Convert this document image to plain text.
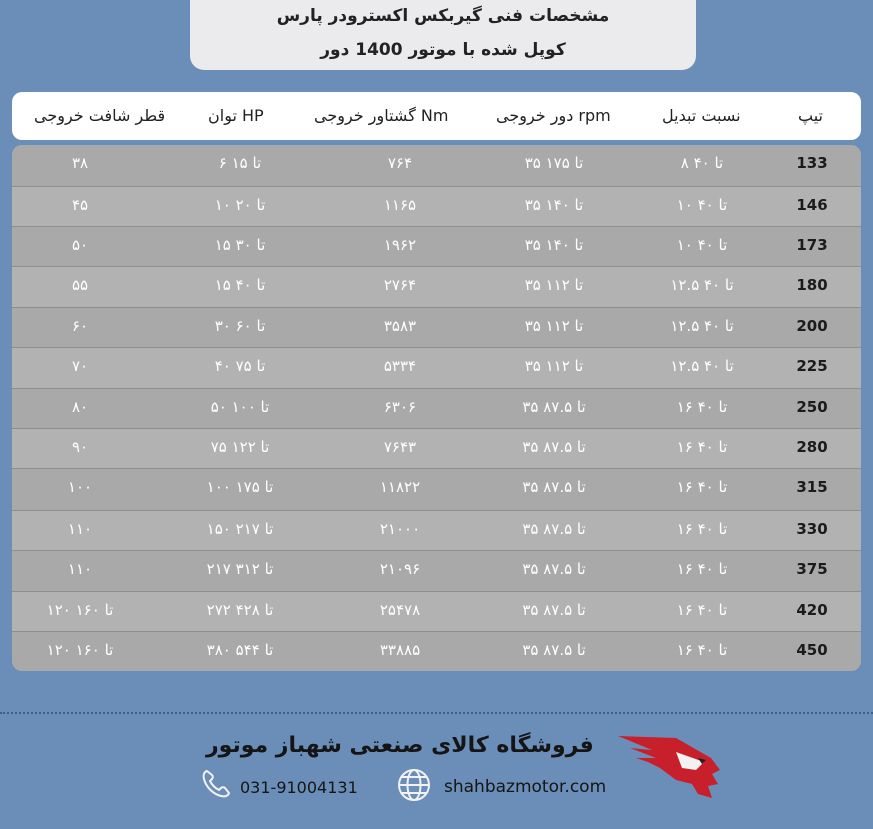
مشخصات فنی گیربکس اکسترودر پارس
کوپل شده با موتور 1400 دور
تیپ
نسبت تبدیل
دور خروجی rpm
گشتاور خروجی Nm
توان HP
قطر شافت خروجی
133
۸ تا ۴۰
۳۵ تا ۱۷۵
۷۶۴
۶ تا ۱۵
۳۸
146
۱۰ تا ۴۰
۳۵ تا ۱۴۰
۱۱۶۵
۱۰ تا ۲۰
۴۵
173
۱۰ تا ۴۰
۳۵ تا ۱۴۰
۱۹۶۲
۱۵ تا ۳۰
۵۰
180
۱۲.۵ تا ۴۰
۳۵ تا ۱۱۲
۲۷۶۴
۱۵ تا ۴۰
۵۵
200
۱۲.۵ تا ۴۰
۳۵ تا ۱۱۲
۳۵۸۳
۳۰ تا ۶۰
۶۰
225
۱۲.۵ تا ۴۰
۳۵ تا ۱۱۲
۵۳۳۴
۴۰ تا ۷۵
۷۰
250
۱۶ تا ۴۰
۳۵ تا ۸۷.۵
۶۳۰۶
۵۰ تا ۱۰۰
۸۰
280
۱۶ تا ۴۰
۳۵ تا ۸۷.۵
۷۶۴۳
۷۵ تا ۱۲۲
۹۰
315
۱۶ تا ۴۰
۳۵ تا ۸۷.۵
۱۱۸۲۲
۱۰۰ تا ۱۷۵
۱۰۰
330
۱۶ تا ۴۰
۳۵ تا ۸۷.۵
۲۱۰۰۰
۱۵۰ تا ۲۱۷
۱۱۰
375
۱۶ تا ۴۰
۳۵ تا ۸۷.۵
۲۱۰۹۶
۲۱۷ تا ۳۱۲
۱۱۰
420
۱۶ تا ۴۰
۳۵ تا ۸۷.۵
۲۵۴۷۸
۲۷۲ تا ۴۲۸
۱۲۰ تا ۱۶۰
450
۱۶ تا ۴۰
۳۵ تا ۸۷.۵
۳۳۸۸۵
۳۸۰ تا ۵۴۴
۱۲۰ تا ۱۶۰
فروشگاه کالای صنعتی شهباز موتور
shahbazmotor.com
031-91004131
